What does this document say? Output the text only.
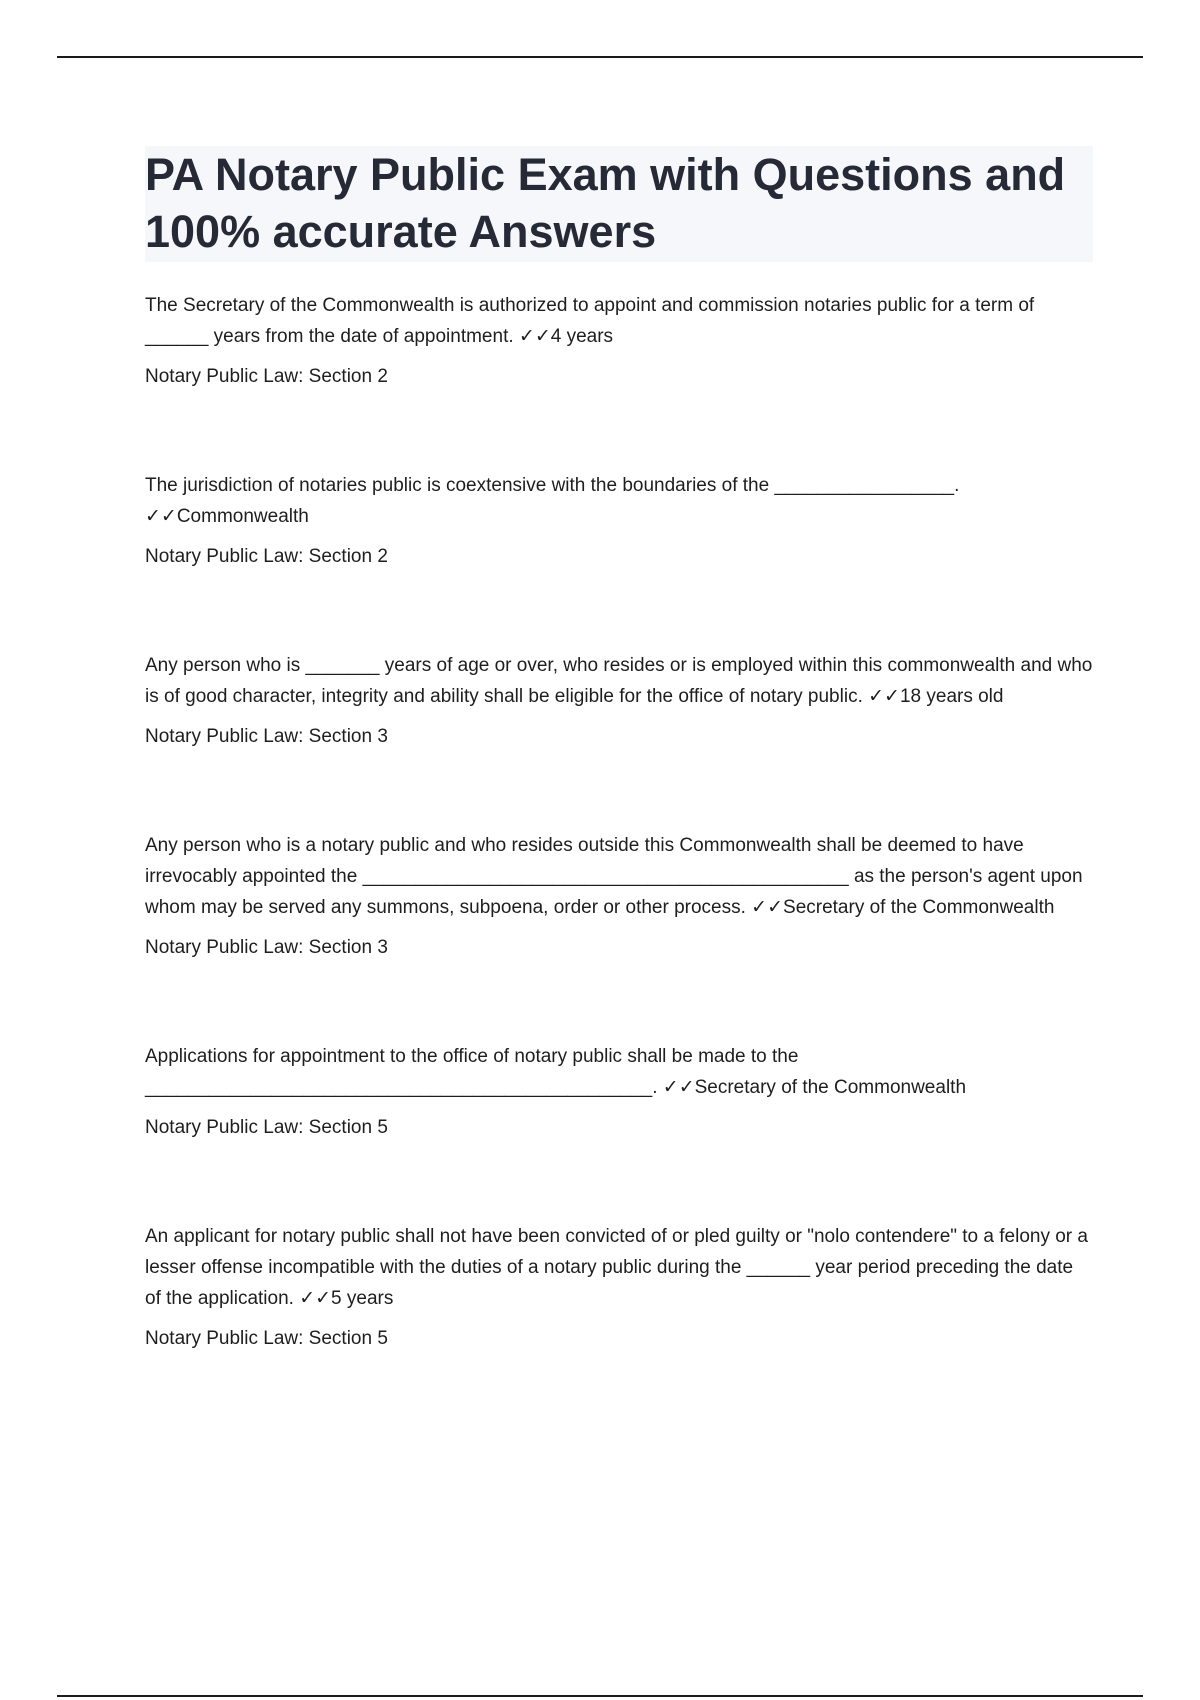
PA Notary Public Exam with Questions and 100% accurate Answers

The Secretary of the Commonwealth is authorized to appoint and commission notaries public for a term of ______ years from the date of appointment. ✓✓4 years

Notary Public Law: Section 2

The jurisdiction of notaries public is coextensive with the boundaries of the _________________. ✓✓Commonwealth

Notary Public Law: Section 2

Any person who is _______ years of age or over, who resides or is employed within this commonwealth and who is of good character, integrity and ability shall be eligible for the office of notary public. ✓✓18 years old

Notary Public Law: Section 3

Any person who is a notary public and who resides outside this Commonwealth shall be deemed to have irrevocably appointed the ______________________________________________ as the person's agent upon whom may be served any summons, subpoena, order or other process. ✓✓Secretary of the Commonwealth

Notary Public Law: Section 3

Applications for appointment to the office of notary public shall be made to the ________________________________________________. ✓✓Secretary of the Commonwealth

Notary Public Law: Section 5

An applicant for notary public shall not have been convicted of or pled guilty or "nolo contendere" to a felony or a lesser offense incompatible with the duties of a notary public during the ______ year period preceding the date of the application. ✓✓5 years

Notary Public Law: Section 5
